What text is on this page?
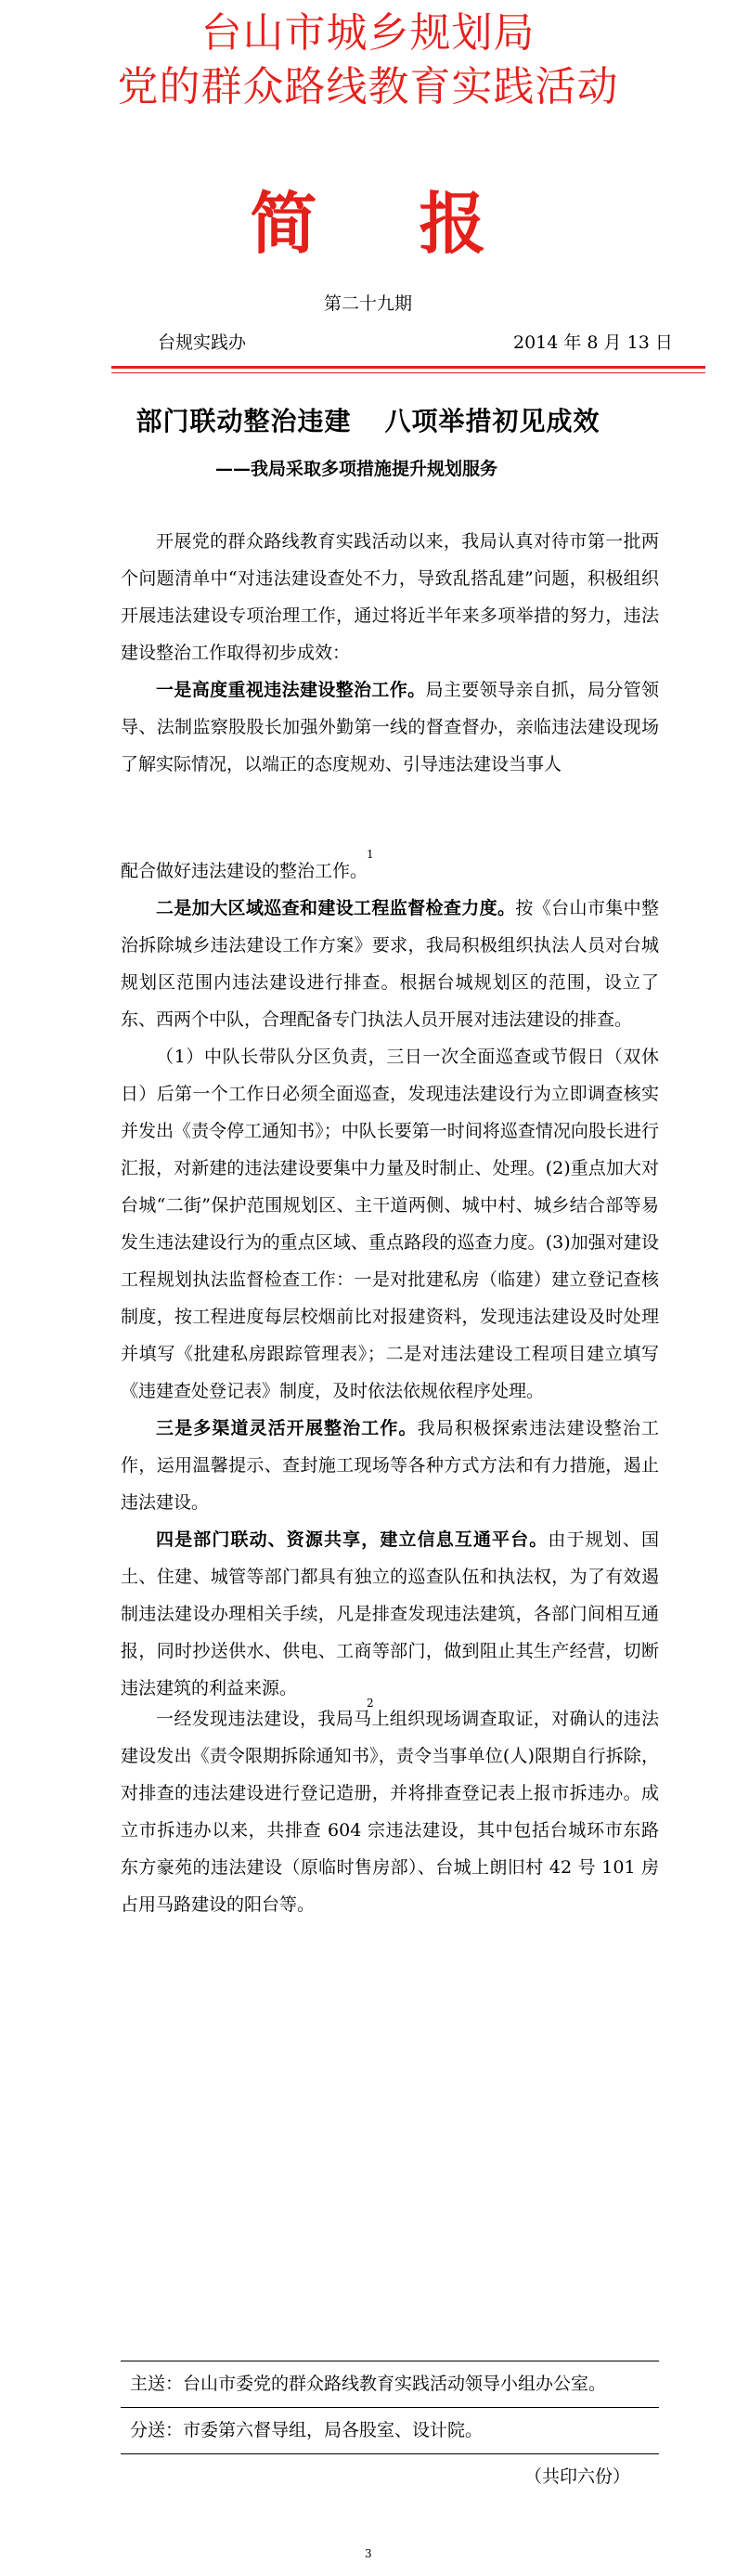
台山市城乡规划局
党的群众路线教育实践活动
简 报
第二十九期
台规实践办	2014 年 8 月 13 日
部门联动整治违建 八项举措初见成效
——我局采取多项措施提升规划服务

开展党的群众路线教育实践活动以来，我局认真对待市第一批两个问题清单中“对违法建设查处不力，导致乱搭乱建”问题，积极组织开展违法建设专项治理工作，通过将近半年来多项举措的努力，违法建设整治工作取得初步成效：

一是高度重视违法建设整治工作。局主要领导亲自抓，局分管领导、法制监察股股长加强外勤第一线的督查督办，亲临违法建设现场了解实际情况，以端正的态度规劝、引导违法建设当事人

1

配合做好违法建设的整治工作。

二是加大区域巡查和建设工程监督检查力度。按《台山市集中整治拆除城乡违法建设工作方案》要求，我局积极组织执法人员对台城规划区范围内违法建设进行排查。根据台城规划区的范围，设立了东、西两个中队，合理配备专门执法人员开展对违法建设的排查。

（1）中队长带队分区负责，三日一次全面巡查或节假日（双休日）后第一个工作日必须全面巡查，发现违法建设行为立即调查核实并发出《责令停工通知书》；中队长要第一时间将巡查情况向股长进行汇报，对新建的违法建设要集中力量及时制止、处理。(2)重点加大对台城“二街”保护范围规划区、主干道两侧、城中村、城乡结合部等易发生违法建设行为的重点区域、重点路段的巡查力度。(3)加强对建设工程规划执法监督检查工作：一是对批建私房（临建）建立登记查核制度，按工程进度每层校烟前比对报建资料，发现违法建设及时处理并填写《批建私房跟踪管理表》；二是对违法建设工程项目建立填写《违建查处登记表》制度，及时依法依规依程序处理。

三是多渠道灵活开展整治工作。我局积极探索违法建设整治工作，运用温馨提示、查封施工现场等各种方式方法和有力措施，遏止违法建设。

四是部门联动、资源共享，建立信息互通平台。由于规划、国土、住建、城管等部门都具有独立的巡查队伍和执法权，为了有效遏制违法建设办理相关手续，凡是排查发现违法建筑，各部门间相互通报，同时抄送供水、供电、工商等部门，做到阻止其生产经营，切断违法建筑的利益来源。

2

一经发现违法建设，我局马上组织现场调查取证，对确认的违法建设发出《责令限期拆除通知书》，责令当事单位(人)限期自行拆除，对排查的违法建设进行登记造册，并将排查登记表上报市拆违办。成立市拆违办以来，共排查 604 宗违法建设，其中包括台城环市东路东方豪苑的违法建设（原临时售房部）、台城上朗旧村 42 号 101 房占用马路建设的阳台等。

主送：台山市委党的群众路线教育实践活动领导小组办公室。
分送：市委第六督导组，局各股室、设计院。
（共印六份）
3
